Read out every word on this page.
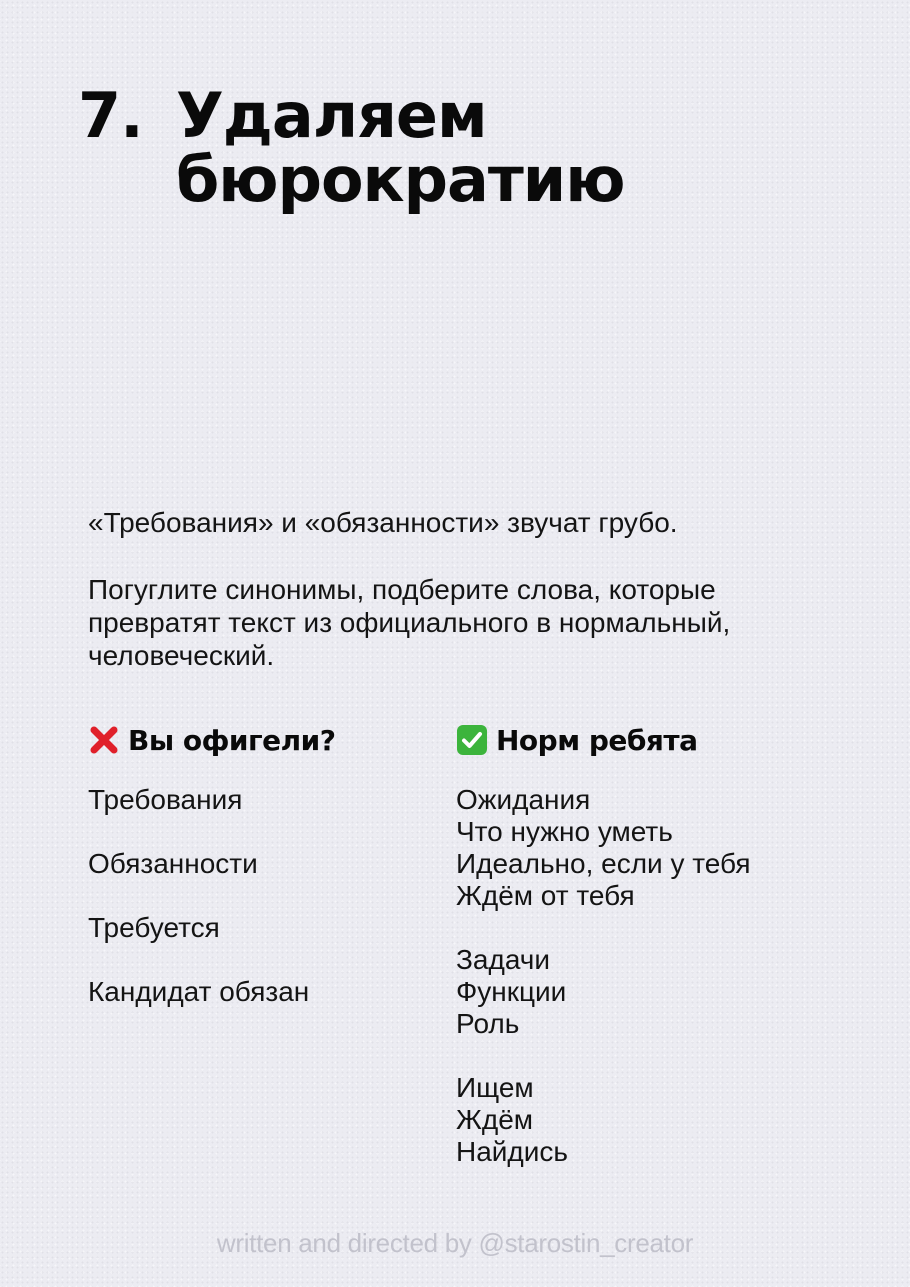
7. Удаляем
бюрократию

«Требования» и «обязанности» звучат грубо.

Погуглите синонимы, подберите слова, которые превратят текст из официального в нормальный, человеческий.

Вы офигели?
Требования
Обязанности
Требуется
Кандидат обязан
Норм ребята
Ожидания
Что нужно уметь
Идеально, если у тебя
Ждём от тебя
Задачи
Функции
Роль
Ищем
Ждём
Найдись
written and directed by @starostin_creator
